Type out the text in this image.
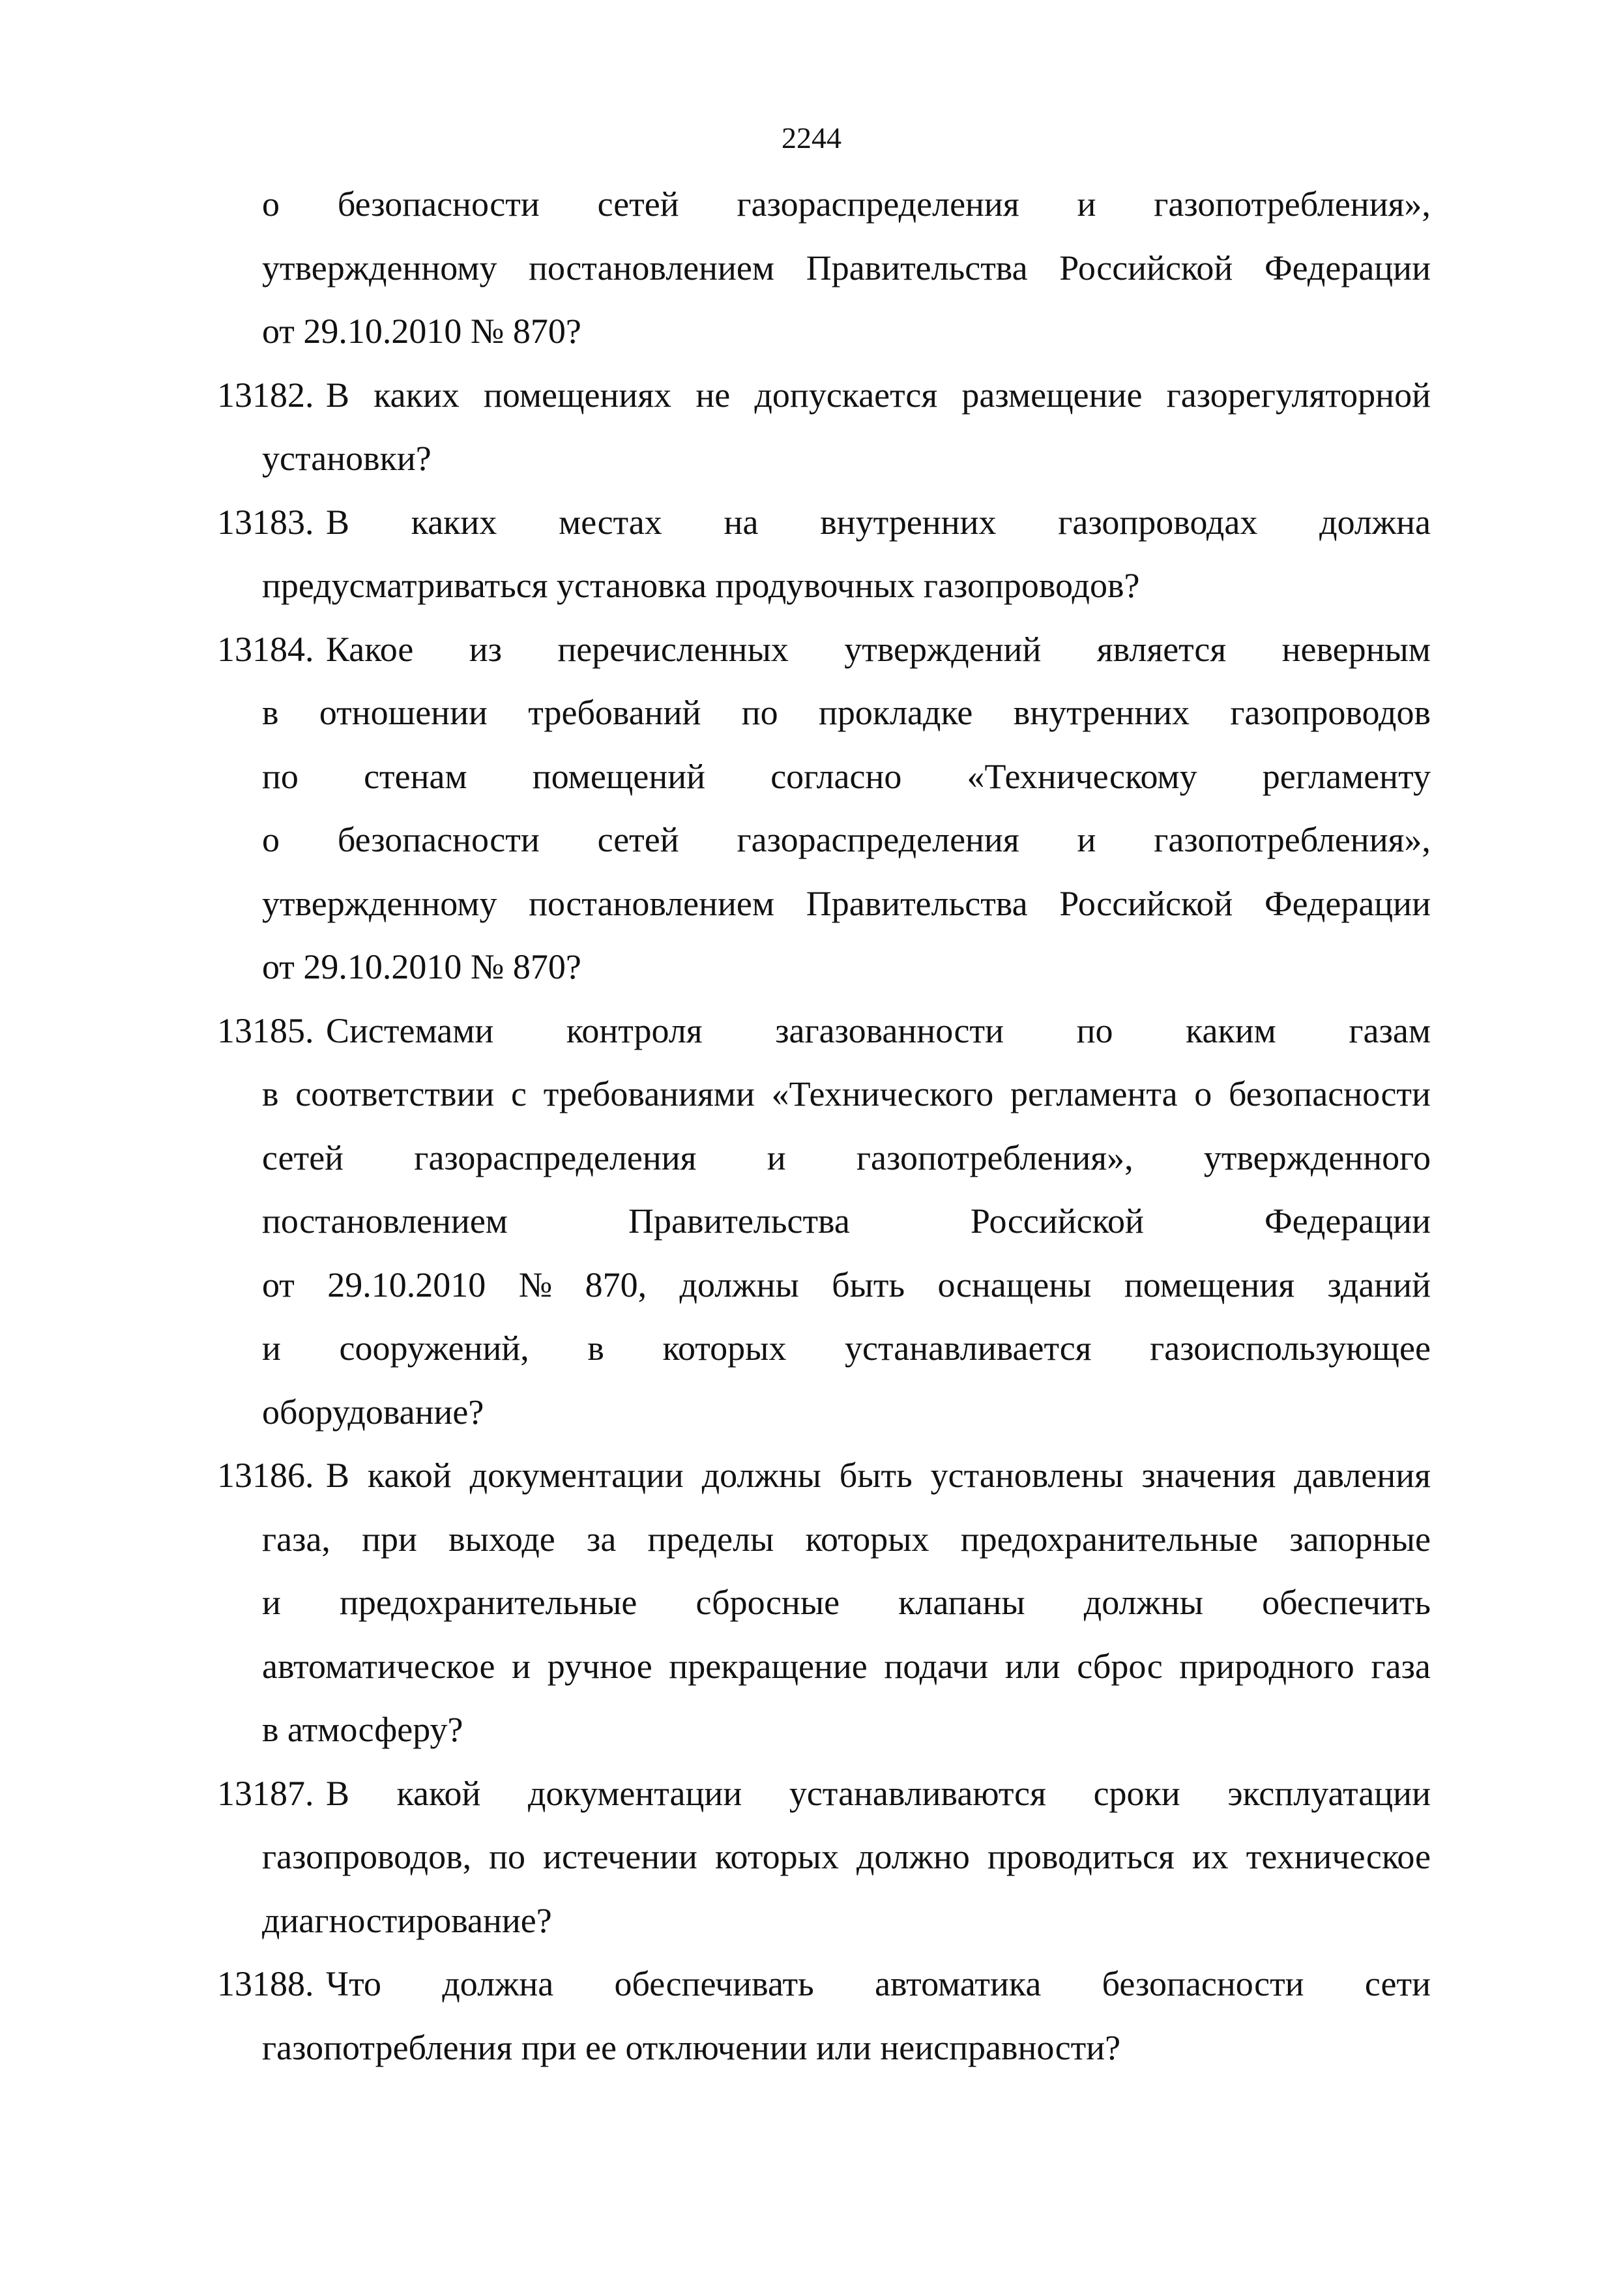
2244
о безопасности сетей газораспределения и газопотребления»,
утвержденному постановлением Правительства Российской Федерации
от 29.10.2010 № 870?
13182. В каких помещениях не допускается размещение газорегуляторной
установки?
13183. В каких местах на внутренних газопроводах должна
предусматриваться установка продувочных газопроводов?
13184. Какое из перечисленных утверждений является неверным
в отношении требований по прокладке внутренних газопроводов
по стенам помещений согласно «Техническому регламенту
о безопасности сетей газораспределения и газопотребления»,
утвержденному постановлением Правительства Российской Федерации
от 29.10.2010 № 870?
13185. Системами контроля загазованности по каким газам
в соответствии с требованиями «Технического регламента о безопасности
сетей газораспределения и газопотребления», утвержденного
постановлением	Правительства	Российской	Федерации
от 29.10.2010 № 870, должны быть оснащены помещения зданий
и сооружений, в которых устанавливается газоиспользующее
оборудование?
13186. В какой документации должны быть установлены значения давления
газа, при выходе за пределы которых предохранительные запорные
и предохранительные сбросные клапаны должны обеспечить
автоматическое и ручное прекращение подачи или сброс природного газа
в атмосферу?
13187. В какой документации устанавливаются сроки эксплуатации
газопроводов, по истечении которых должно проводиться их техническое
диагностирование?
13188. Что должна обеспечивать автоматика безопасности сети
газопотребления при ее отключении или неисправности?
